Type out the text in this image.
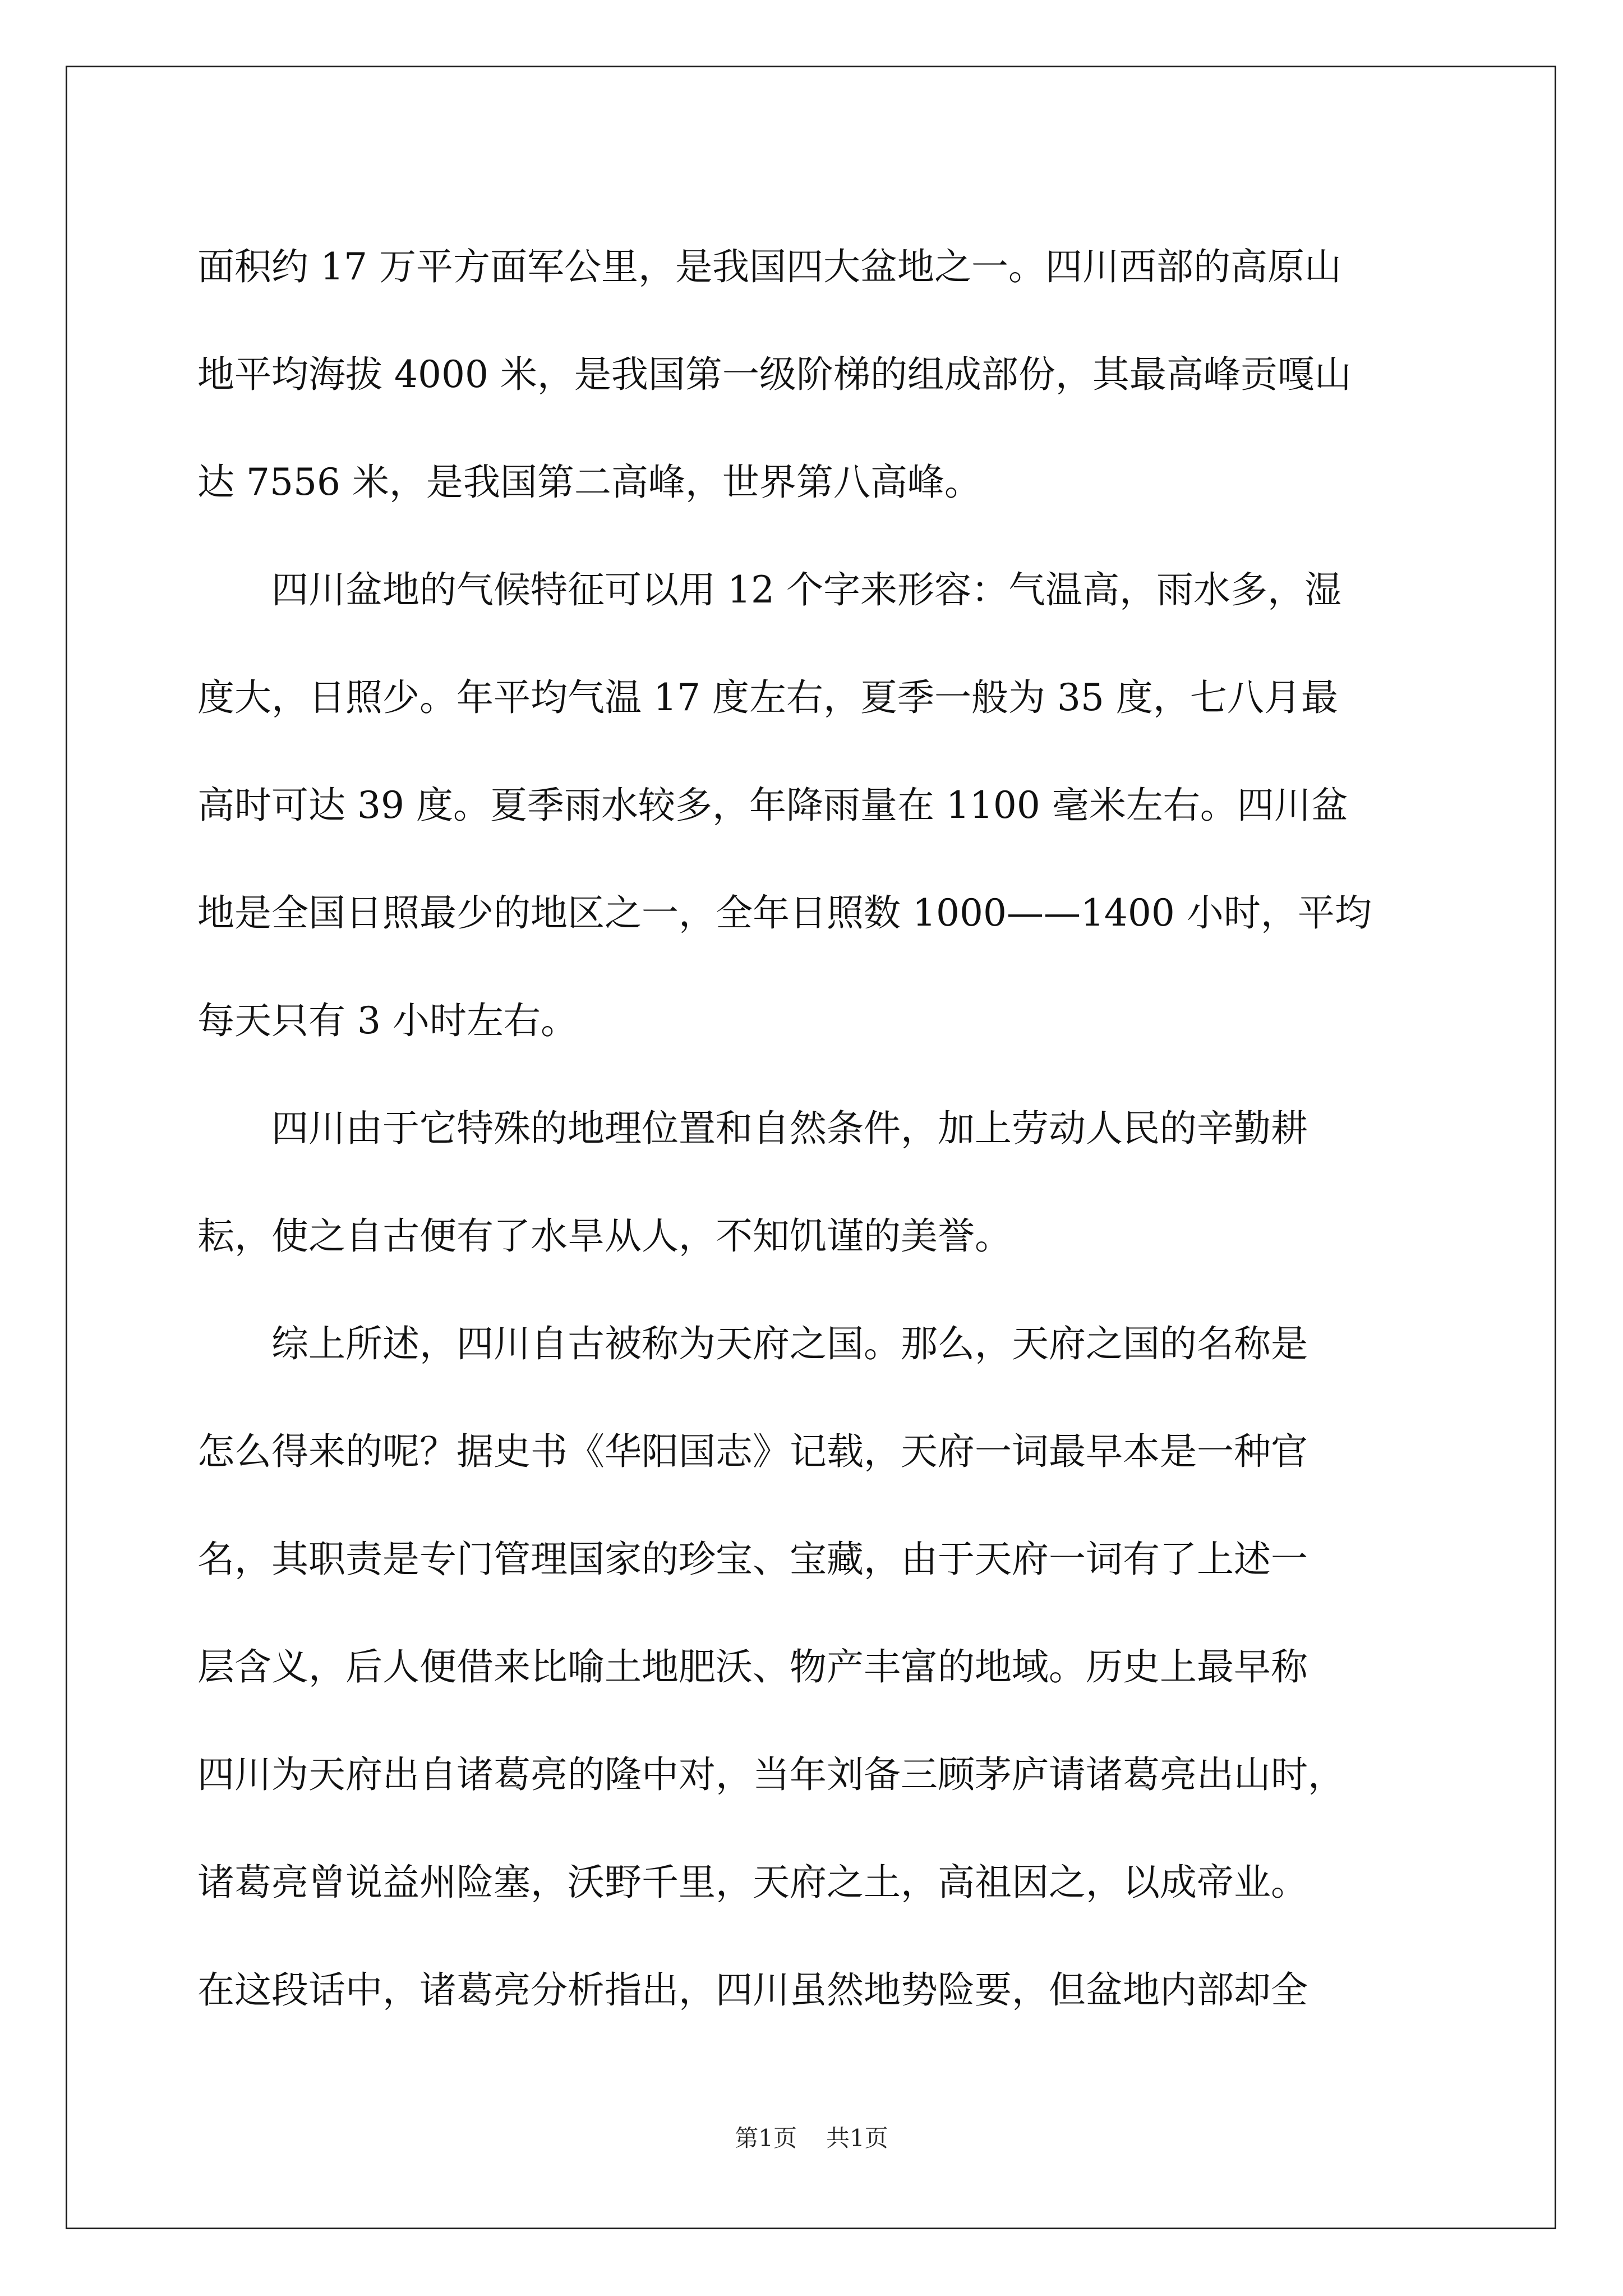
面积约 17 万平方面军公里，是我国四大盆地之一。四川西部的高原山

地平均海拔 4000 米，是我国第一级阶梯的组成部份，其最高峰贡嘎山

达 7556 米，是我国第二高峰，世界第八高峰。

四川盆地的气候特征可以用 12 个字来形容：气温高，雨水多，湿

度大，日照少。年平均气温 17 度左右，夏季一般为 35 度，七八月最

高时可达 39 度。夏季雨水较多，年降雨量在 1100 毫米左右。四川盆

地是全国日照最少的地区之一，全年日照数 1000——1400 小时，平均

每天只有 3 小时左右。

四川由于它特殊的地理位置和自然条件，加上劳动人民的辛勤耕

耘，使之自古便有了水旱从人，不知饥谨的美誉。

综上所述，四川自古被称为天府之国。那么，天府之国的名称是

怎么得来的呢？据史书《华阳国志》记载，天府一词最早本是一种官

名，其职责是专门管理国家的珍宝、宝藏，由于天府一词有了上述一

层含义，后人便借来比喻土地肥沃、物产丰富的地域。历史上最早称

四川为天府出自诸葛亮的隆中对，当年刘备三顾茅庐请诸葛亮出山时，

诸葛亮曾说益州险塞，沃野千里，天府之土，高祖因之，以成帝业。

在这段话中，诸葛亮分析指出，四川虽然地势险要，但盆地内部却全

第1页 共1页
